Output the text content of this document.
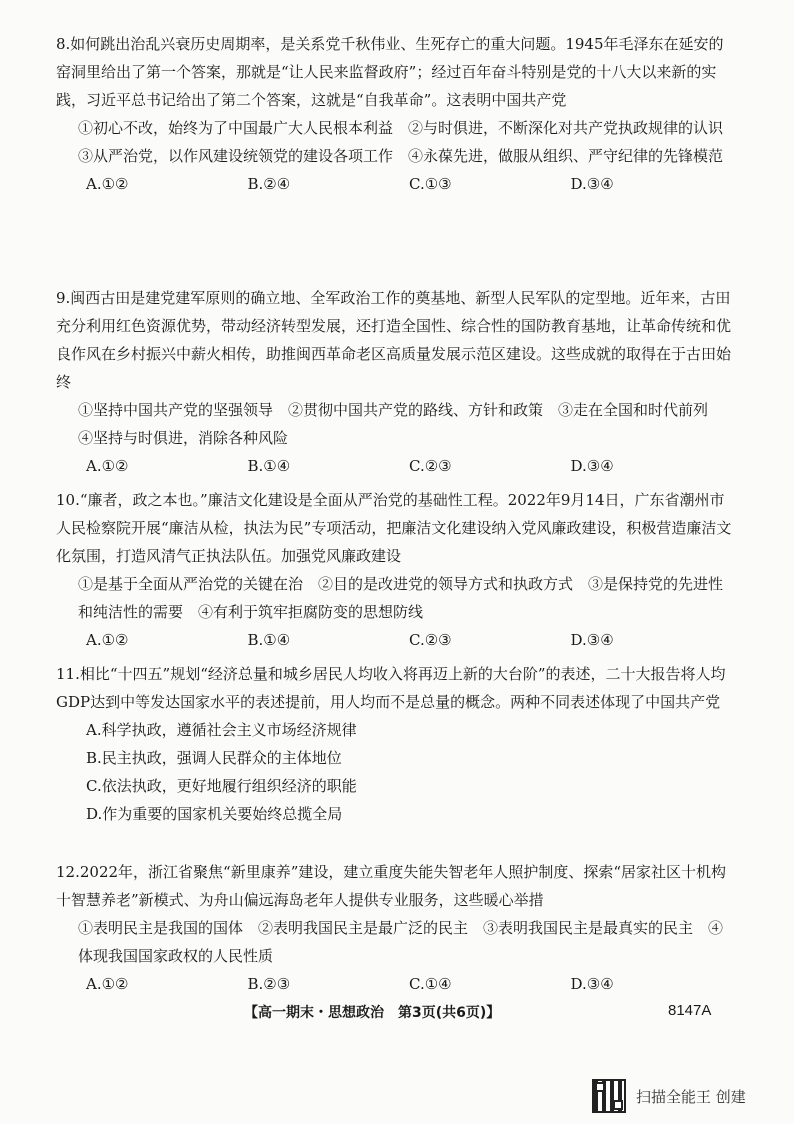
8.如何跳出治乱兴衰历史周期率，是关系党千秋伟业、生死存亡的重大问题。1945年毛泽东在延安的窑洞里给出了第一个答案，那就是“让人民来监督政府”；经过百年奋斗特别是党的十八大以来新的实践，习近平总书记给出了第二个答案，这就是“自我革命”。这表明中国共产党
①初心不改，始终为了中国最广大人民根本利益　②与时俱进，不断深化对共产党执政规律的认识　③从严治党，以作风建设统领党的建设各项工作　④永葆先进，做服从组织、严守纪律的先锋模范
A.①②	B.②④	C.①③	D.③④
9.闽西古田是建党建军原则的确立地、全军政治工作的奠基地、新型人民军队的定型地。近年来，古田充分利用红色资源优势，带动经济转型发展，还打造全国性、综合性的国防教育基地，让革命传统和优良作风在乡村振兴中薪火相传，助推闽西革命老区高质量发展示范区建设。这些成就的取得在于古田始终
①坚持中国共产党的坚强领导　②贯彻中国共产党的路线、方针和政策　③走在全国和时代前列　④坚持与时俱进，消除各种风险
A.①②	B.①④	C.②③	D.③④
10.“廉者，政之本也。”廉洁文化建设是全面从严治党的基础性工程。2022年9月14日，广东省潮州市人民检察院开展“廉洁从检，执法为民”专项活动，把廉洁文化建设纳入党风廉政建设，积极营造廉洁文化氛围，打造风清气正执法队伍。加强党风廉政建设
①是基于全面从严治党的关键在治　②目的是改进党的领导方式和执政方式　③是保持党的先进性和纯洁性的需要　④有利于筑牢拒腐防变的思想防线
A.①②	B.①④	C.②③	D.③④
11.相比“十四五”规划“经济总量和城乡居民人均收入将再迈上新的大台阶”的表述，二十大报告将人均GDP达到中等发达国家水平的表述提前，用人均而不是总量的概念。两种不同表述体现了中国共产党
A.科学执政，遵循社会主义市场经济规律
B.民主执政，强调人民群众的主体地位
C.依法执政，更好地履行组织经济的职能
D.作为重要的国家机关要始终总揽全局
12.2022年，浙江省聚焦“新里康养”建设，建立重度失能失智老年人照护制度、探索“居家社区十机构十智慧养老”新模式、为舟山偏远海岛老年人提供专业服务，这些暖心举措
①表明民主是我国的国体　②表明我国民主是最广泛的民主　③表明我国民主是最真实的民主　④体现我国国家政权的人民性质
A.①②	B.②③	C.①④	D.③④
【高一期末・思想政治　第3页(共6页)】	8147A
扫描全能王 创建
